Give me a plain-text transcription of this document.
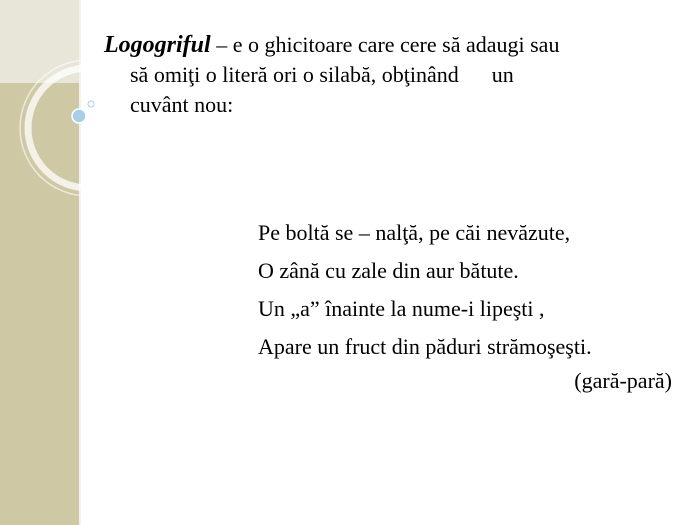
Logogriful – e o ghicitoare care cere să adaugi sau
să omiţi o literă ori o silabă, obţinând      un
cuvânt nou:
Pe boltă se – nalţă, pe căi nevăzute,
O zână cu zale din aur bătute.
Un „a” înainte la nume-i lipeşti ,
Apare un fruct din păduri strămoşeşti.
(gară-pară)
